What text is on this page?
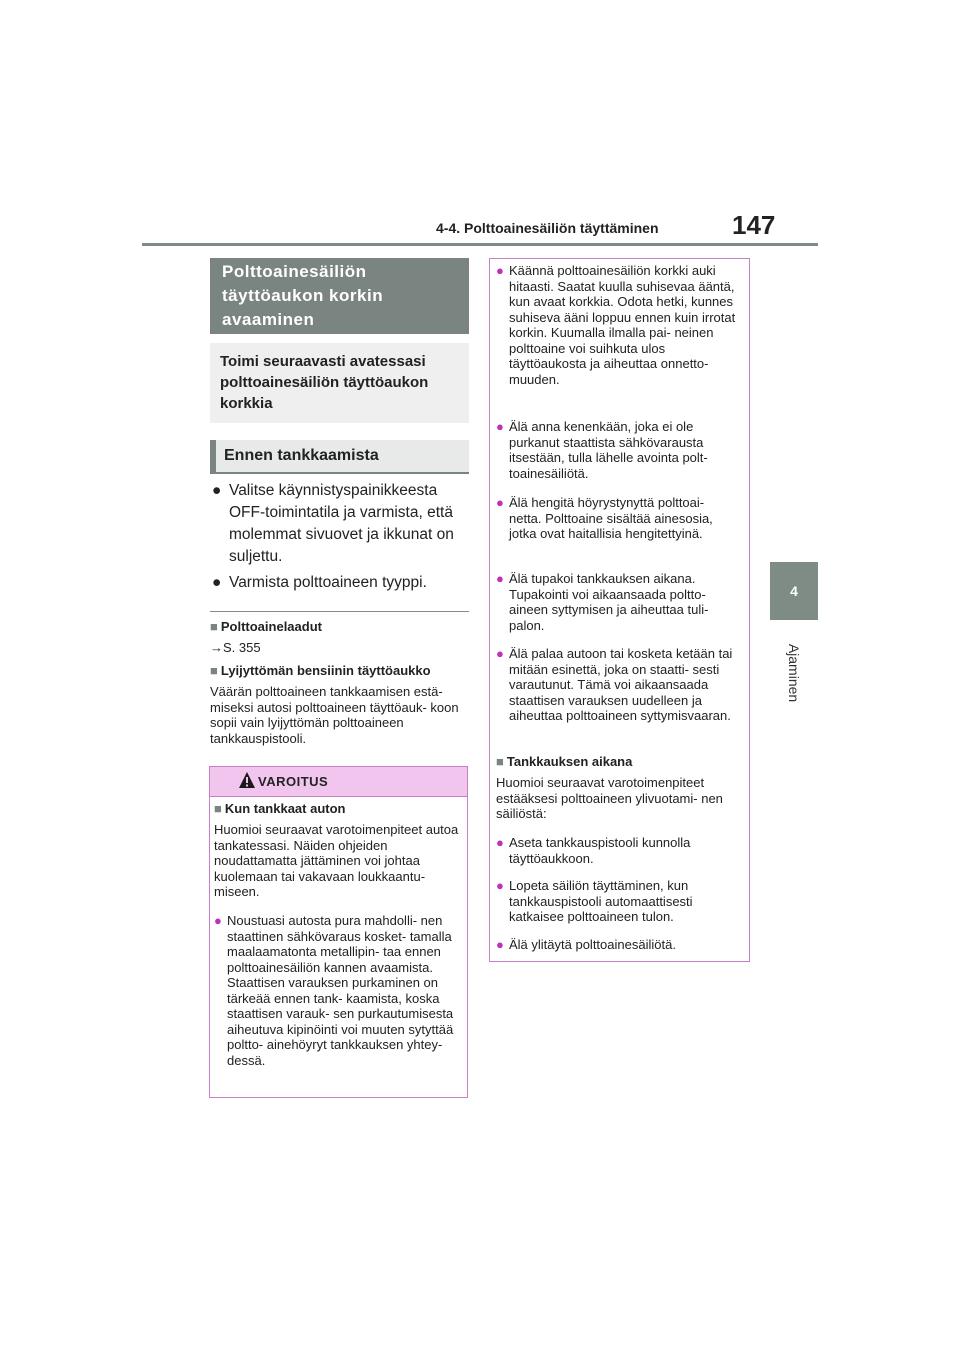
4-4. Polttoainesäiliön täyttäminen	147
4
Ajaminen
Polttoainesäiliön täyttöaukon korkin avaaminen
Toimi seuraavasti avatessasi polttoainesäiliön täyttöaukon korkkia
Ennen tankkaamista
● Valitse käynnistyspainikkeesta OFF-toimintatila ja varmista, että molemmat sivuovet ja ikkunat on suljettu.
● Varmista polttoaineen tyyppi.
■ Polttoainelaadut
→S. 355
■ Lyijyttömän bensiinin täyttöaukko
Väärän polttoaineen tankkaamisen estä- miseksi autosi polttoaineen täyttöauk- koon sopii vain lyijyttömän polttoaineen tankkauspistooli.
VAROITUS
■ Kun tankkaat auton
Huomioi seuraavat varotoimenpiteet autoa tankatessasi. Näiden ohjeiden noudattamatta jättäminen voi johtaa kuolemaan tai vakavaan loukkaantu- miseen.
● Noustuasi autosta pura mahdolli- nen staattinen sähkövaraus kosket- tamalla maalaamatonta metallipin- taa ennen polttoainesäiliön kannen avaamista. Staattisen varauksen purkaminen on tärkeää ennen tank- kaamista, koska staattisen varauk- sen purkautumisesta aiheutuva kipinöinti voi muuten sytyttää poltto- ainehöyryt tankkauksen yhtey- dessä.
● Käännä polttoainesäiliön korkki auki hitaasti. Saatat kuulla suhisevaa ääntä, kun avaat korkkia. Odota hetki, kunnes suhiseva ääni loppuu ennen kuin irrotat korkin. Kuumalla ilmalla pai- neinen polttoaine voi suihkuta ulos täyttöaukosta ja aiheuttaa onnetto- muuden.
● Älä anna kenenkään, joka ei ole purkanut staattista sähkövarausta itsestään, tulla lähelle avointa polt- toainesäiliötä.
● Älä hengitä höyrystynyttä polttoai- netta. Polttoaine sisältää ainesosia, jotka ovat haitallisia hengitettyinä.
● Älä tupakoi tankkauksen aikana. Tupakointi voi aikaansaada poltto- aineen syttymisen ja aiheuttaa tuli- palon.
● Älä palaa autoon tai kosketa ketään tai mitään esinettä, joka on staatti- sesti varautunut. Tämä voi aikaansaada staattisen varauksen uudelleen ja aiheuttaa polttoaineen syttymisvaaran.
■ Tankkauksen aikana
Huomioi seuraavat varotoimenpiteet estääksesi polttoaineen ylivuotami- nen säiliöstä:
● Aseta tankkauspistooli kunnolla täyttöaukkoon.
● Lopeta säiliön täyttäminen, kun tankkauspistooli automaattisesti katkaisee polttoaineen tulon.
● Älä ylitäytä polttoainesäiliötä.
